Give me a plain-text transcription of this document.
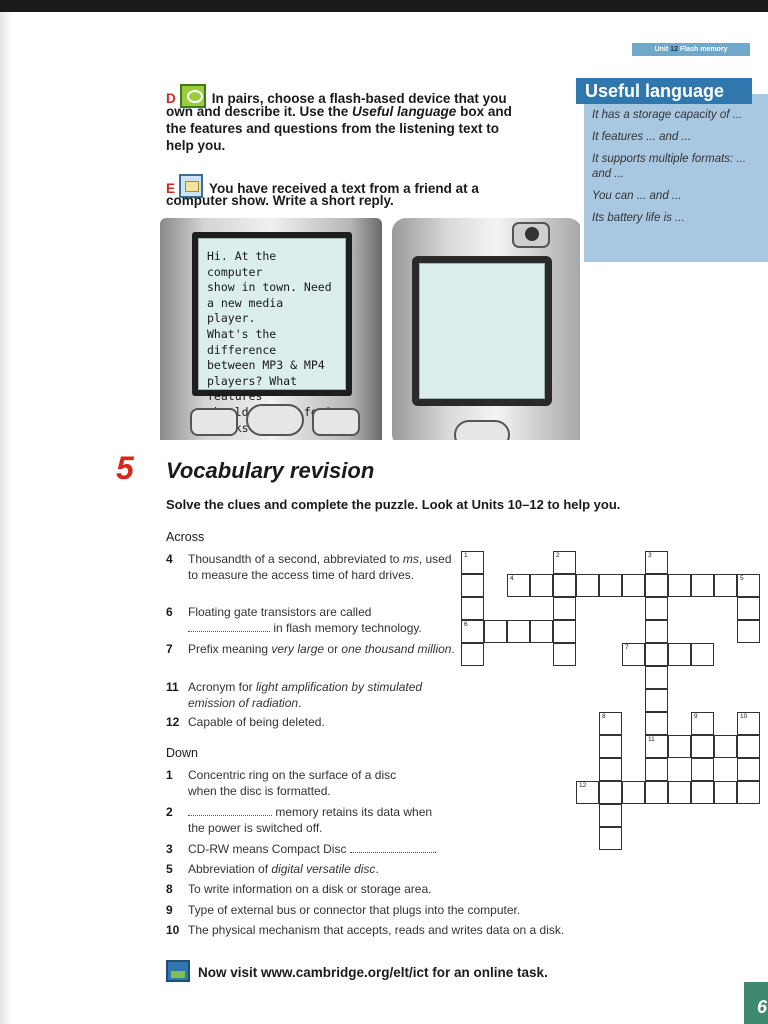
Unit 12 Flash memory
D	In pairs, choose a flash-based device that you
own and describe it. Use the Useful language box and
the features and questions from the listening text to
help you.
E	You have received a text from a friend at a
computer show. Write a short reply.

It has a storage capacity of ...

It features ... and ...

It supports multiple formats: ... and ...

You can ... and ...

Its battery life is ...

Useful language
Hi. At the computer
show in town. Need
a new media player.
What's the difference
between MP3 & MP4
players? What features

5 Vocabulary revision
Solve the clues and complete the puzzle. Look at Units 10–12 to help you.
Across
4 Thousandth of a second, abbreviated to ms, used to measure the access time of hard drives.
6 Floating gate transistors are called
in flash memory technology.
7 Prefix meaning very large or one thousand million.
11 Acronym for light amplification by stimulated emission of radiation.
12 Capable of being deleted.
Down
1 Concentric ring on the surface of a disc
when the disc is formatted.
2	memory retains its data when
the power is switched off.
3 CD-RW means Compact Disc	.
5 Abbreviation of digital versatile disc.
8 To write information on a disk or storage area.
9 Type of external bus or connector that plugs into the computer.
10 The physical mechanism that accepts, reads and writes data on a disk.
1
6
2	3
11
4	5
7
8	9	10
12
Now visit www.cambridge.org/elt/ict for an online task.
6
